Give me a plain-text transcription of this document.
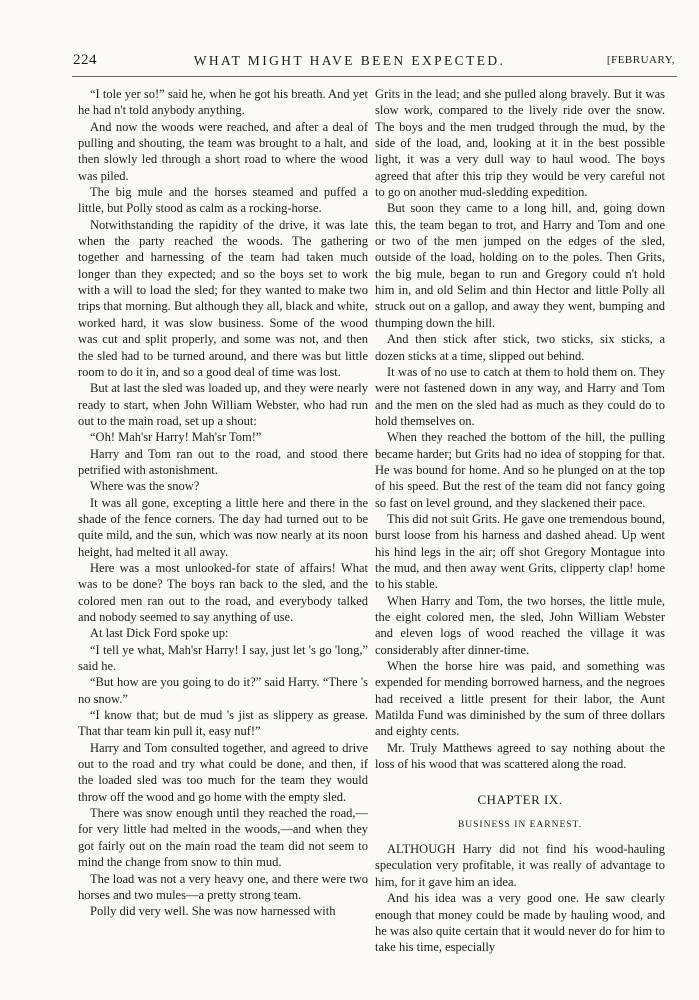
224	WHAT MIGHT HAVE BEEN EXPECTED.	[FEBRUARY,

“I tole yer so!” said he, when he got his breath. And yet he had n't told anybody anything.

And now the woods were reached, and after a deal of pulling and shouting, the team was brought to a halt, and then slowly led through a short road to where the wood was piled.

The big mule and the horses steamed and puffed a little, but Polly stood as calm as a rocking-horse.

Notwithstanding the rapidity of the drive, it was late when the party reached the woods. The gathering together and harnessing of the team had taken much longer than they expected; and so the boys set to work with a will to load the sled; for they wanted to make two trips that morning. But although they all, black and white, worked hard, it was slow business. Some of the wood was cut and split properly, and some was not, and then the sled had to be turned around, and there was but little room to do it in, and so a good deal of time was lost.

But at last the sled was loaded up, and they were nearly ready to start, when John William Webster, who had run out to the main road, set up a shout:

“Oh! Mah'sr Harry! Mah'sr Tom!”

Harry and Tom ran out to the road, and stood there petrified with astonishment.

Where was the snow?

It was all gone, excepting a little here and there in the shade of the fence corners. The day had turned out to be quite mild, and the sun, which was now nearly at its noon height, had melted it all away.

Here was a most unlooked-for state of affairs! What was to be done? The boys ran back to the sled, and the colored men ran out to the road, and everybody talked and nobody seemed to say anything of use.

At last Dick Ford spoke up:

“I tell ye what, Mah'sr Harry! I say, just let 's go 'long,” said he.

“But how are you going to do it?” said Harry. “There 's no snow.”

“I know that; but de mud 's jist as slippery as grease. That thar team kin pull it, easy nuf!”

Harry and Tom consulted together, and agreed to drive out to the road and try what could be done, and then, if the loaded sled was too much for the team they would throw off the wood and go home with the empty sled.

There was snow enough until they reached the road,—for very little had melted in the woods,—and when they got fairly out on the main road the team did not seem to mind the change from snow to thin mud.

The load was not a very heavy one, and there were two horses and two mules—a pretty strong team.

Polly did very well. She was now harnessed with

Grits in the lead; and she pulled along bravely. But it was slow work, compared to the lively ride over the snow. The boys and the men trudged through the mud, by the side of the load, and, looking at it in the best possible light, it was a very dull way to haul wood. The boys agreed that after this trip they would be very careful not to go on another mud-sledding expedition.

But soon they came to a long hill, and, going down this, the team began to trot, and Harry and Tom and one or two of the men jumped on the edges of the sled, outside of the load, holding on to the poles. Then Grits, the big mule, began to run and Gregory could n't hold him in, and old Selim and thin Hector and little Polly all struck out on a gallop, and away they went, bumping and thumping down the hill.

And then stick after stick, two sticks, six sticks, a dozen sticks at a time, slipped out behind.

It was of no use to catch at them to hold them on. They were not fastened down in any way, and Harry and Tom and the men on the sled had as much as they could do to hold themselves on.

When they reached the bottom of the hill, the pulling became harder; but Grits had no idea of stopping for that. He was bound for home. And so he plunged on at the top of his speed. But the rest of the team did not fancy going so fast on level ground, and they slackened their pace.

This did not suit Grits. He gave one tremendous bound, burst loose from his harness and dashed ahead. Up went his hind legs in the air; off shot Gregory Montague into the mud, and then away went Grits, clipperty clap! home to his stable.

When Harry and Tom, the two horses, the little mule, the eight colored men, the sled, John William Webster and eleven logs of wood reached the village it was considerably after dinner-time.

When the horse hire was paid, and something was expended for mending borrowed harness, and the negroes had received a little present for their labor, the Aunt Matilda Fund was diminished by the sum of three dollars and eighty cents.

Mr. Truly Matthews agreed to say nothing about the loss of his wood that was scattered along the road.

CHAPTER IX.
BUSINESS IN EARNEST.

ALTHOUGH Harry did not find his wood-hauling speculation very profitable, it was really of advantage to him, for it gave him an idea.

And his idea was a very good one. He saw clearly enough that money could be made by hauling wood, and he was also quite certain that it would never do for him to take his time, especially
